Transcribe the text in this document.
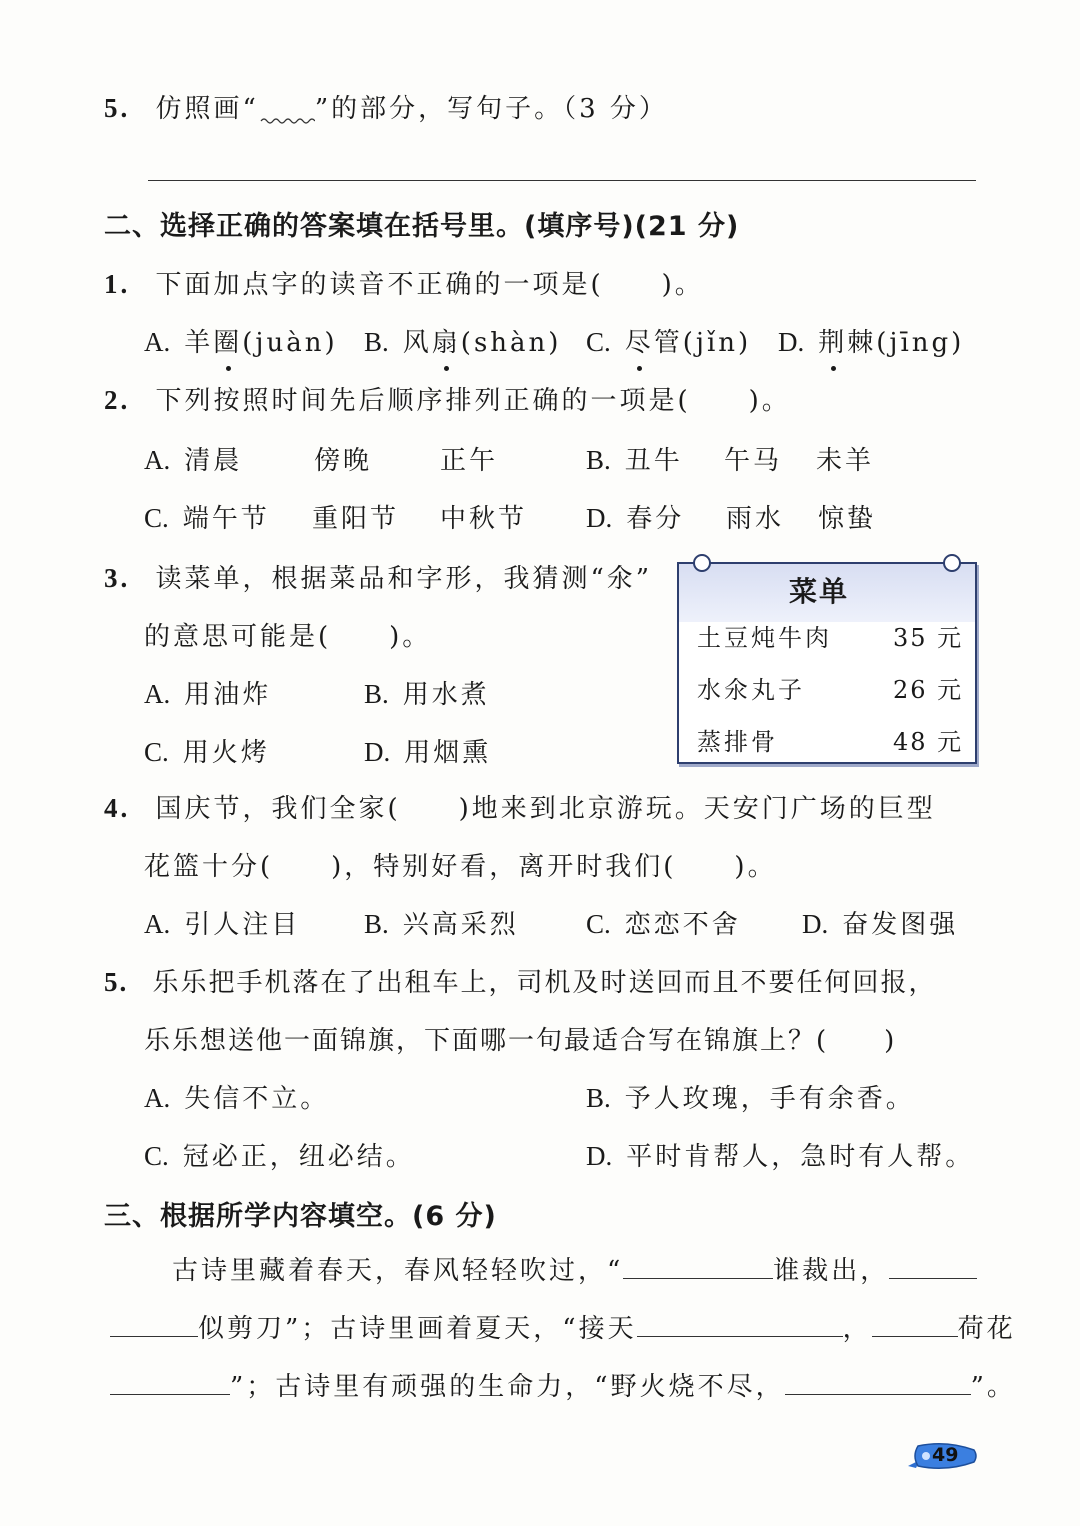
5. 仿照画“ ”的部分，写句子。（3 分）
二、选择正确的答案填在括号里。(填序号)(21 分)
1. 下面加点字的读音不正确的一项是(　　)。
A. 羊圈(juàn) B. 风扇(shàn) C. 尽管(jǐn) D. 荆棘(jīng)
2. 下列按照时间先后顺序排列正确的一项是(　　)。
A. 清晨	傍晚	正午	B. 丑牛 午马 未羊
C. 端午节 重阳节 中秋节 D. 春分 雨水 惊蛰
3. 读菜单，根据菜品和字形，我猜测“氽”
的意思可能是(　　)。
A. 用油炸	B. 用水煮
C. 用火烤	D. 用烟熏
菜单
土豆炖牛肉	35 元
水氽丸子	26 元
蒸排骨	48 元
4. 国庆节，我们全家(　　)地来到北京游玩。天安门广场的巨型
花篮十分(　　)，特别好看，离开时我们(　　)。
A. 引人注目 B. 兴高采烈 C. 恋恋不舍 D. 奋发图强
5. 乐乐把手机落在了出租车上，司机及时送回而且不要任何回报，
乐乐想送他一面锦旗，下面哪一句最适合写在锦旗上？(　　)
A. 失信不立。	B. 予人玫瑰，手有余香。
C. 冠必正，纽必结。	D. 平时肯帮人，急时有人帮。
三、根据所学内容填空。(6 分)
古诗里藏着春天，春风轻轻吹过，“	谁裁出，
似剪刀”；古诗里画着夏天，“接天	，	荷花
”；古诗里有顽强的生命力，“野火烧不尽，	”。
49
